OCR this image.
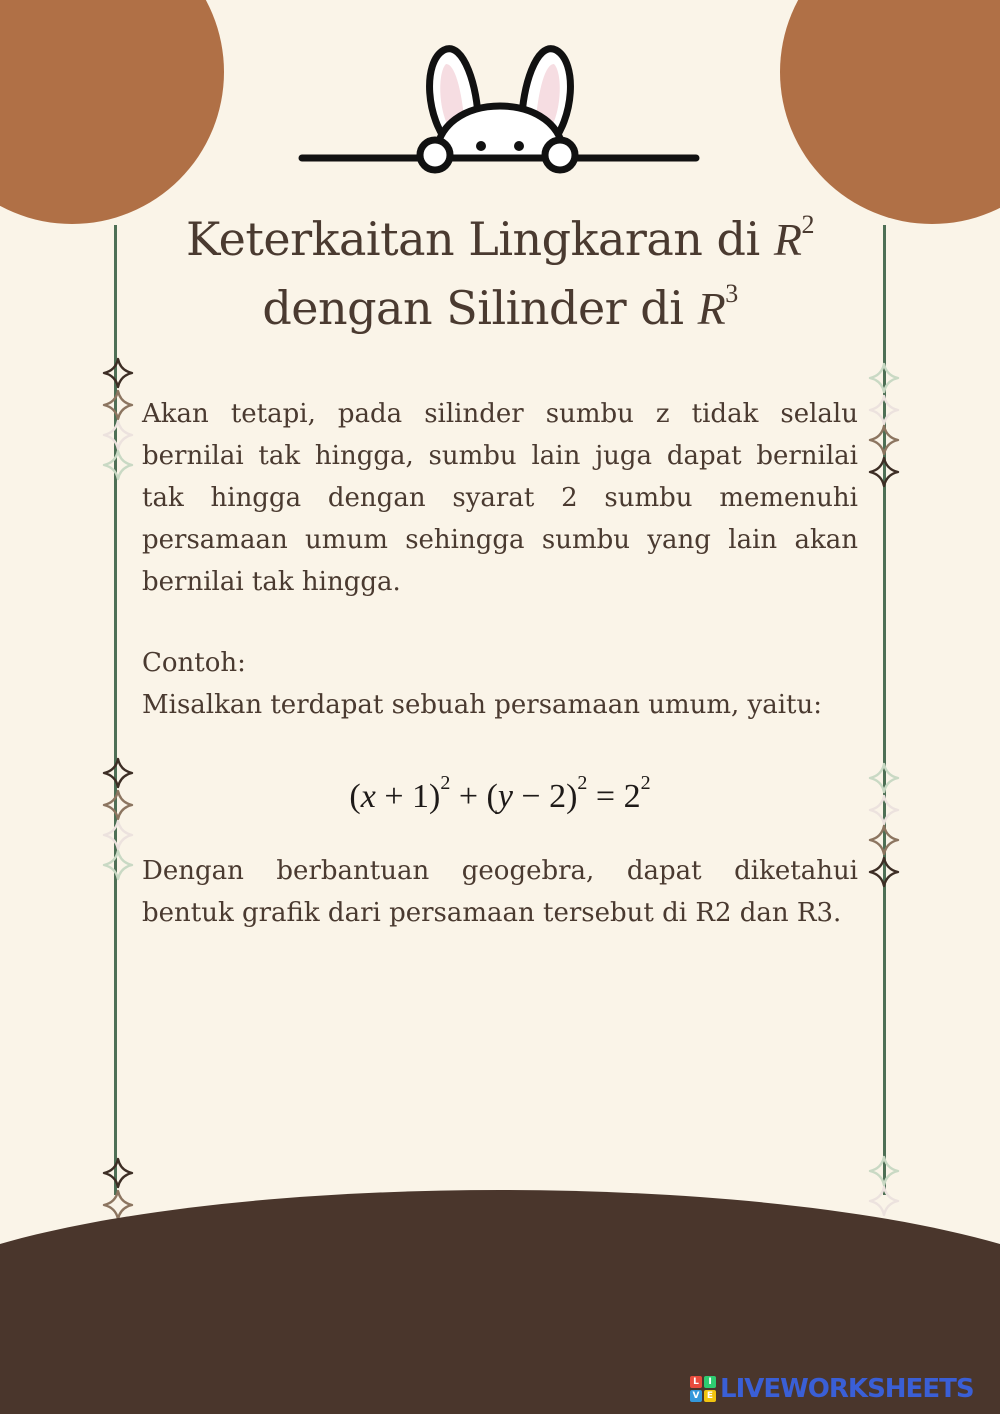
Keterkaitan Lingkaran di $R^2$
dengan Silinder di $R^3$
Akan tetapi, pada silinder sumbu z tidak selalu bernilai tak hingga, sumbu lain juga dapat bernilai tak hingga dengan syarat 2 sumbu memenuhi persamaan umum sehingga sumbu yang lain akan bernilai tak hingga.
Contoh:
Misalkan terdapat sebuah persamaan umum, yaitu:
$(x + 1)^2 + (y - 2)^2 = 2^2$
Dengan berbantuan geogebra, dapat diketahui bentuk grafik dari persamaan tersebut di R2 dan R3.
L	I
V E LIVEWORKSHEETS
